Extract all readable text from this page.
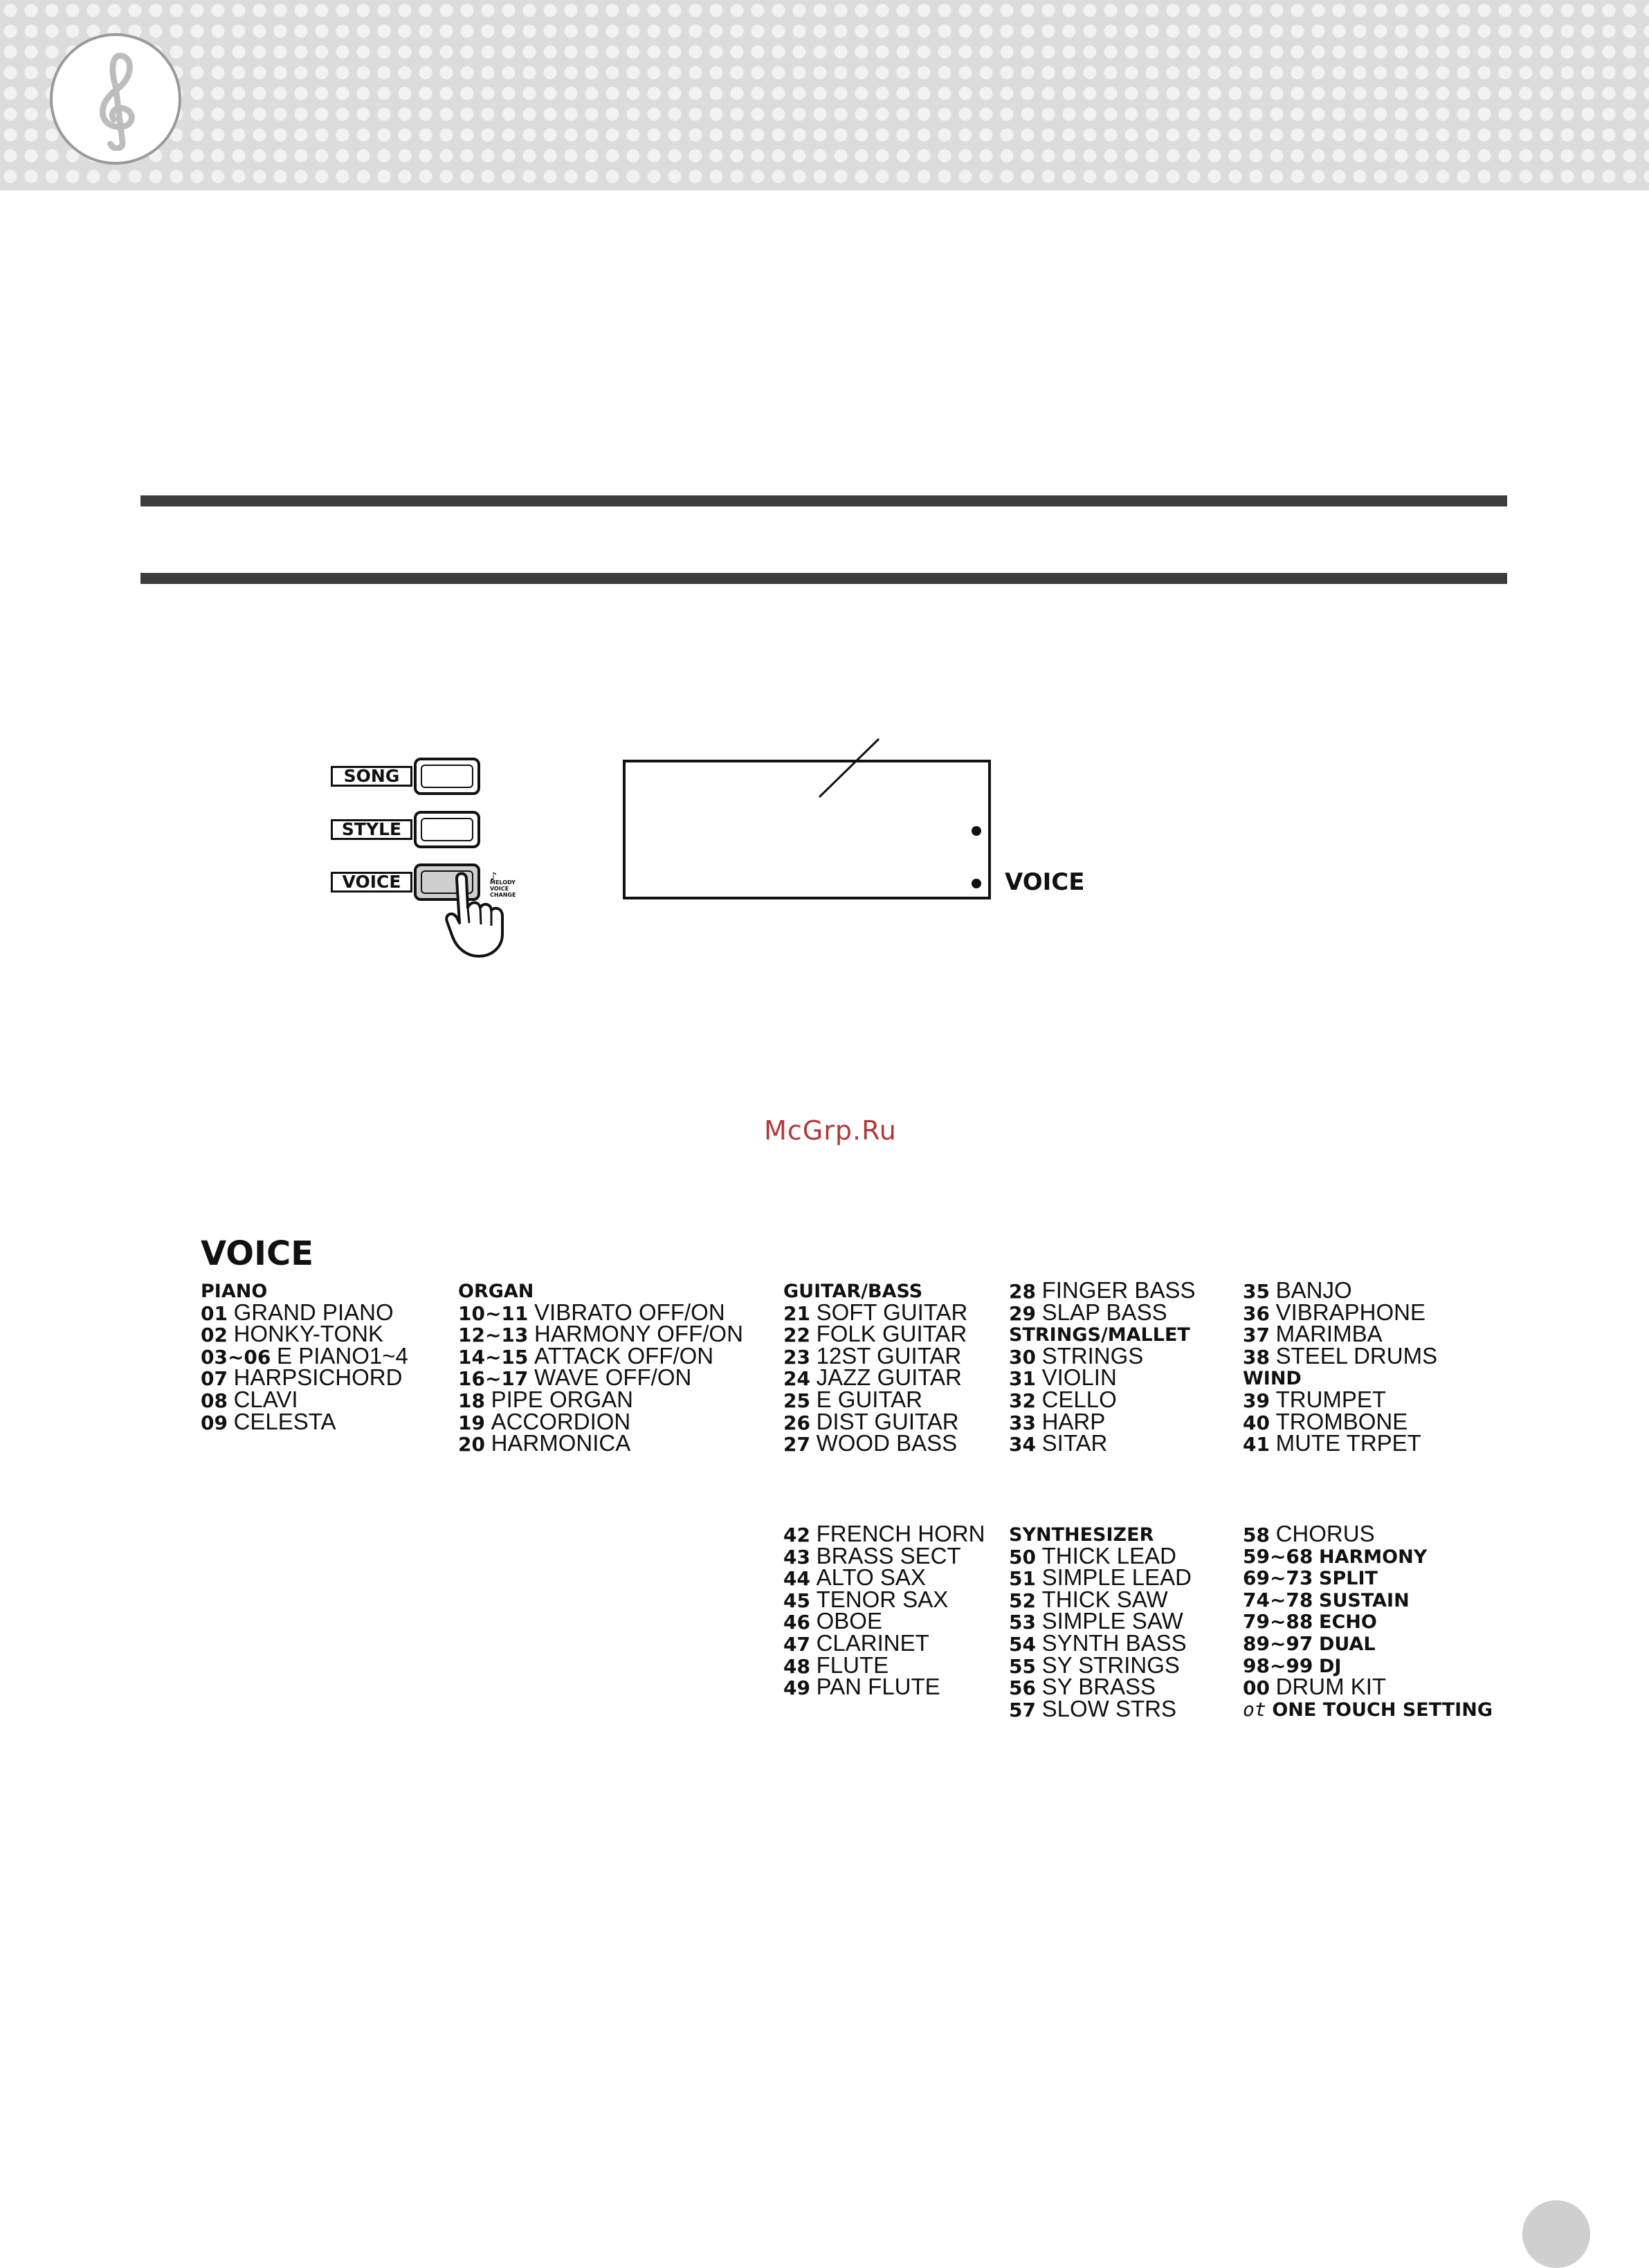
SONG
STYLE
VOICE	♪
MELODY
VOICE
CHANGE	VOICE
McGrp.Ru
VOICE
PIANO
01 GRAND PIANO
02 HONKY-TONK
03~06 E PIANO1~4
07 HARPSICHORD
08 CLAVI
09 CELESTA
ORGAN
10~11 VIBRATO OFF/ON
12~13 HARMONY OFF/ON
14~15 ATTACK OFF/ON
16~17 WAVE OFF/ON
18 PIPE ORGAN
19 ACCORDION
20 HARMONICA
GUITAR/BASS
21 SOFT GUITAR
22 FOLK GUITAR
23 12ST GUITAR
24 JAZZ GUITAR
25 E GUITAR
26 DIST GUITAR
27 WOOD BASS
28 FINGER BASS
29 SLAP BASS
STRINGS/MALLET
30 STRINGS
31 VIOLIN
32 CELLO
33 HARP
34 SITAR
35 BANJO
36 VIBRAPHONE
37 MARIMBA
38 STEEL DRUMS
WIND
39 TRUMPET
40 TROMBONE
41 MUTE TRPET
42 FRENCH HORN
43 BRASS SECT
44 ALTO SAX
45 TENOR SAX
46 OBOE
47 CLARINET
48 FLUTE
49 PAN FLUTE
SYNTHESIZER
50 THICK LEAD
51 SIMPLE LEAD
52 THICK SAW
53 SIMPLE SAW
54 SYNTH BASS
55 SY STRINGS
56 SY BRASS
57 SLOW STRS
58 CHORUS
59~68 HARMONY
69~73 SPLIT
74~78 SUSTAIN
79~88 ECHO
89~97 DUAL
98~99 DJ
00 DRUM KIT
ot ONE TOUCH SETTING
